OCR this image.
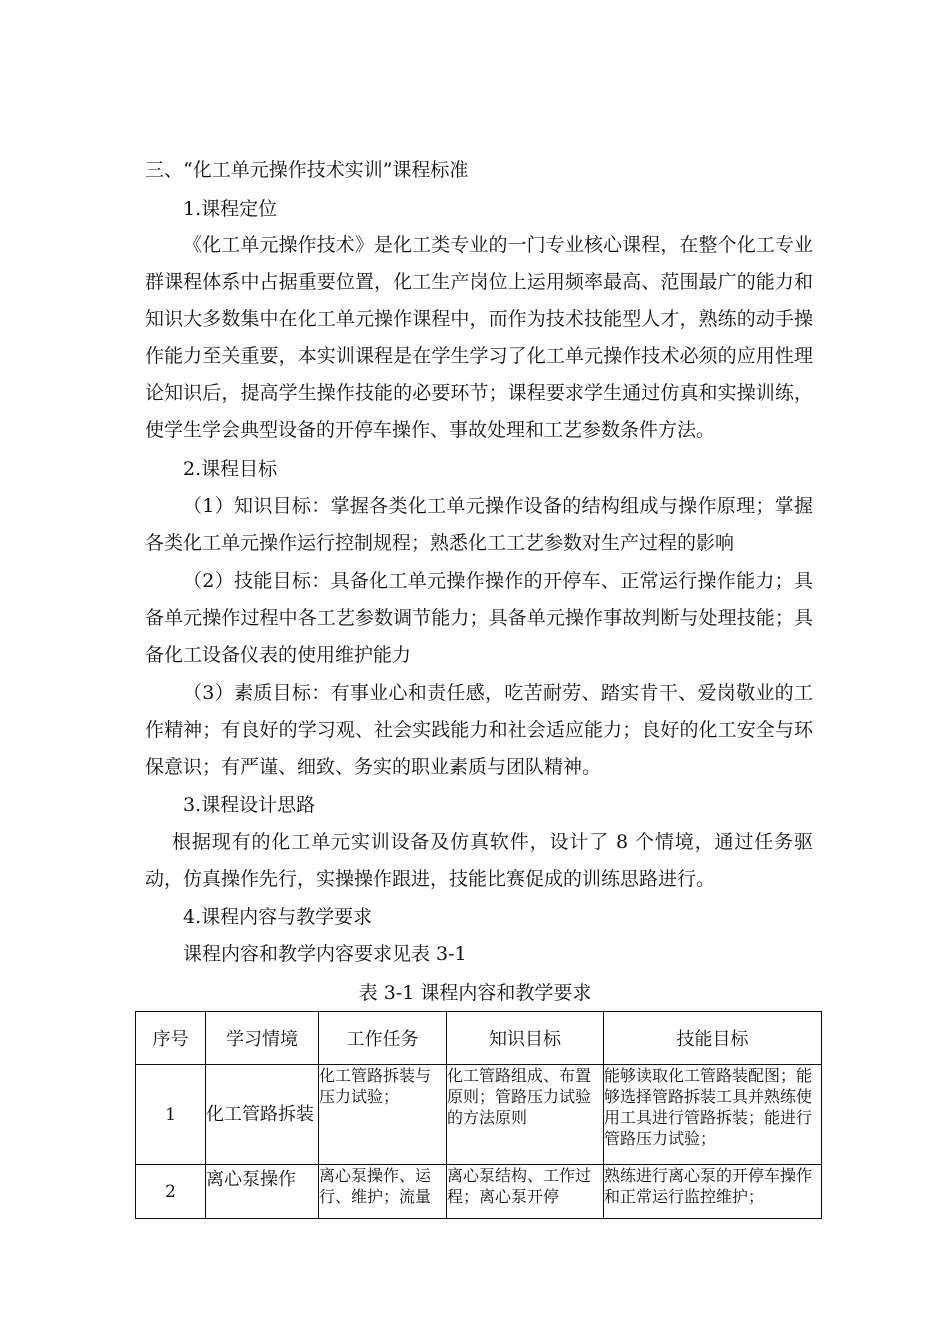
三、“化工单元操作技术实训”课程标准
1.课程定位
《化工单元操作技术》是化工类专业的一门专业核心课程，在整个化工专业群课程体系中占据重要位置，化工生产岗位上运用频率最高、范围最广的能力和知识大多数集中在化工单元操作课程中，而作为技术技能型人才，熟练的动手操作能力至关重要，本实训课程是在学生学习了化工单元操作技术必须的应用性理论知识后，提高学生操作技能的必要环节；课程要求学生通过仿真和实操训练，使学生学会典型设备的开停车操作、事故处理和工艺参数条件方法。
2.课程目标
（1）知识目标：掌握各类化工单元操作设备的结构组成与操作原理；掌握各类化工单元操作运行控制规程；熟悉化工工艺参数对生产过程的影响
（2）技能目标：具备化工单元操作操作的开停车、正常运行操作能力；具备单元操作过程中各工艺参数调节能力；具备单元操作事故判断与处理技能；具备化工设备仪表的使用维护能力
（3）素质目标：有事业心和责任感，吃苦耐劳、踏实肯干、爱岗敬业的工作精神；有良好的学习观、社会实践能力和社会适应能力；良好的化工安全与环保意识；有严谨、细致、务实的职业素质与团队精神。
3.课程设计思路
根据现有的化工单元实训设备及仿真软件，设计了 8 个情境，通过任务驱动，仿真操作先行，实操操作跟进，技能比赛促成的训练思路进行。
4.课程内容与教学要求
课程内容和教学内容要求见表 3-1
表 3-1 课程内容和教学要求
序号	学习情境	工作任务	知识目标	技能目标
1	化工管路拆装	化工管路拆装与压力试验；	化工管路组成、布置原则；管路压力试验的方法原则	能够读取化工管路装配图；能够选择管路拆装工具并熟练使用工具进行管路拆装；能进行管路压力试验；
2	离心泵操作	离心泵操作、运行、维护；流量	离心泵结构、工作过程；离心泵开停	熟练进行离心泵的开停车操作和正常运行监控维护；
